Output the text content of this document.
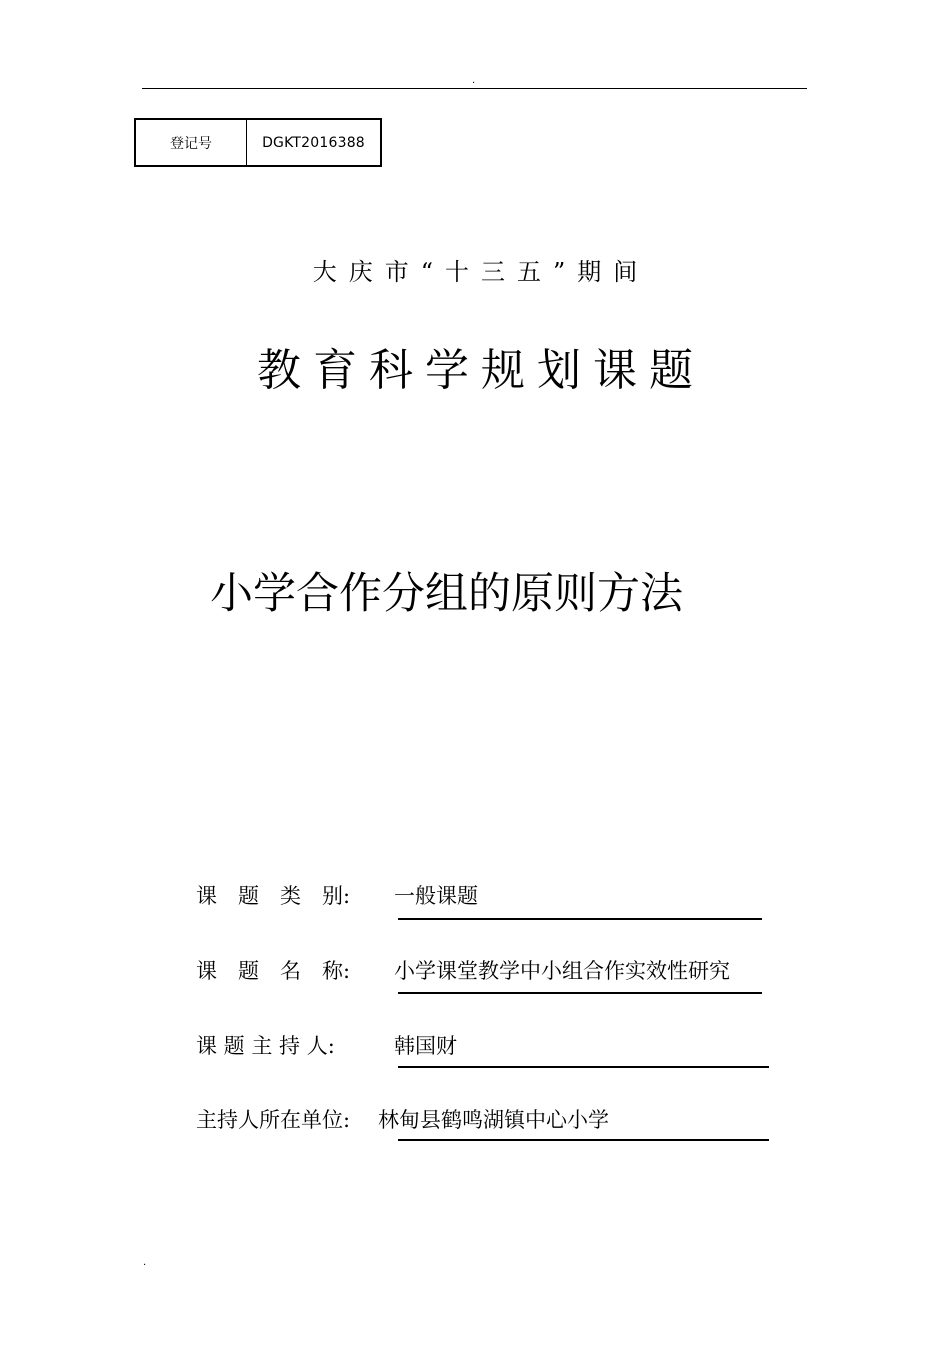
.
登记号	DGKT2016388
大庆市“十三五”期间
教育科学规划课题
小学合作分组的原则方法
课　题　类　别: 一般课题
课　题　名　称: 小学课堂教学中小组合作实效性研究
课 题 主 持 人:	韩国财
主持人所在单位: 林甸县鹤鸣湖镇中心小学
.
